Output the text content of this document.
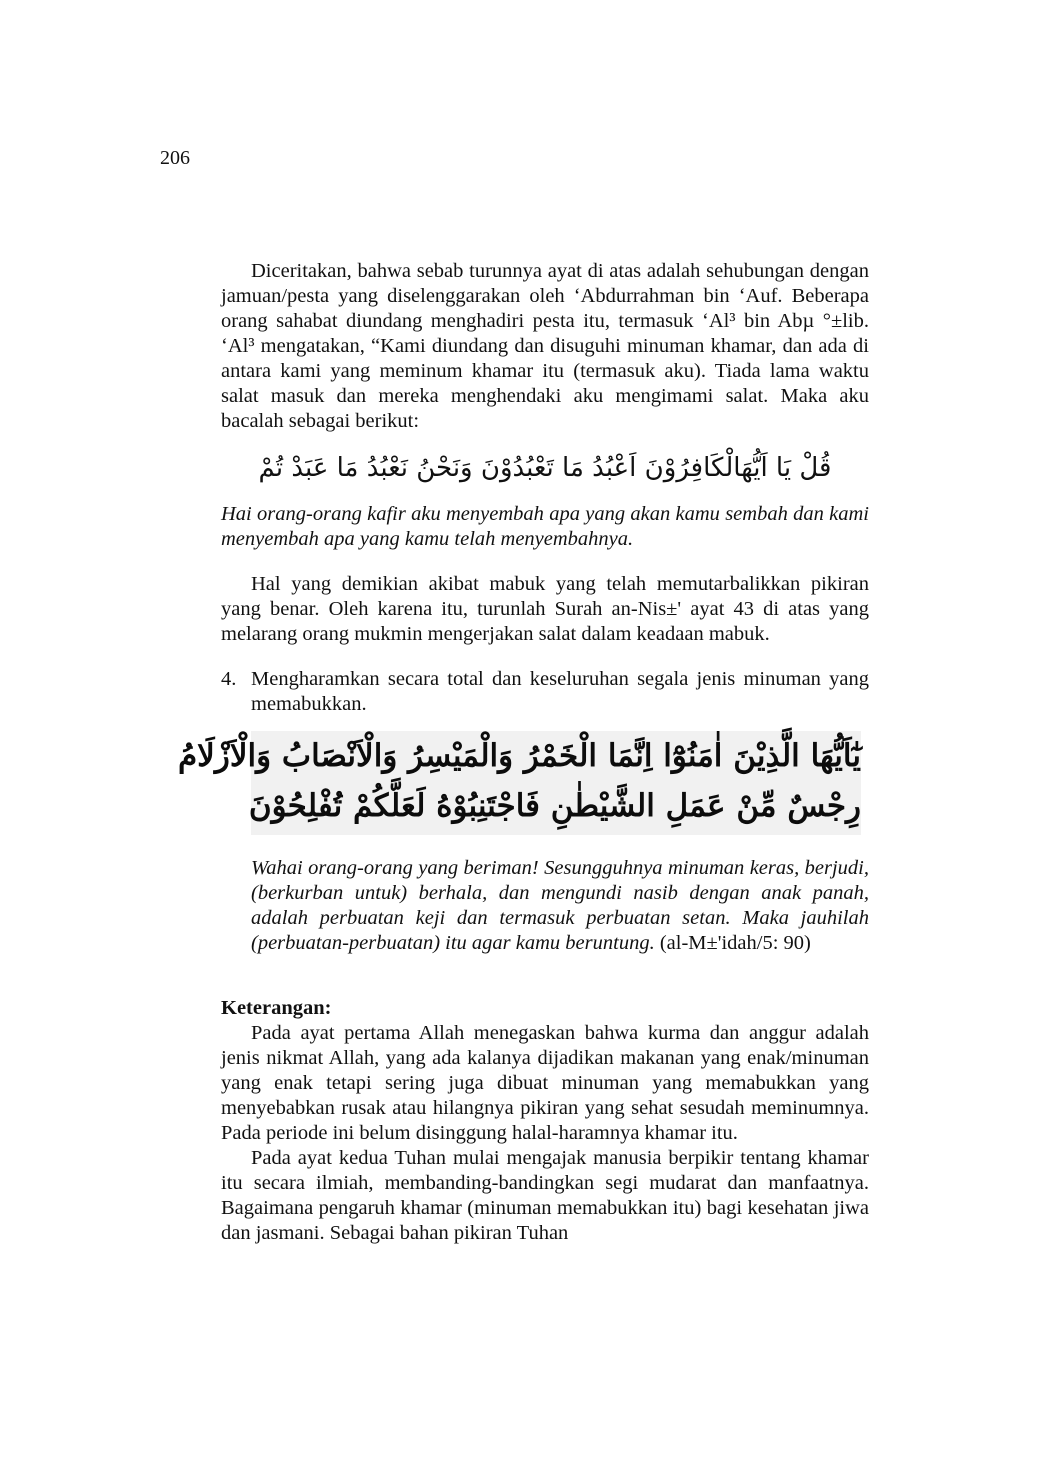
206

Diceritakan, bahwa sebab turunnya ayat di atas adalah sehubungan dengan jamuan/pesta yang diselenggarakan oleh ‘Abdurrahman bin ‘Auf. Beberapa orang sahabat diundang menghadiri pesta itu, termasuk ‘Al³ bin Abµ °±lib. ‘Al³ mengatakan, “Kami diundang dan disuguhi minuman khamar, dan ada di antara kami yang meminum khamar itu (termasuk aku). Tiada lama waktu salat masuk dan mereka menghendaki aku mengimami salat. Maka aku bacalah sebagai berikut:

قُلْ يَا اَيُّهَالْكَافِرُوْنَ اَعْبُدُ مَا تَعْبُدُوْنَ وَنَحْنُ نَعْبُدُ مَا عَبَدْ تُمْ

Hai orang-orang kafir aku menyembah apa yang akan kamu sembah dan kami menyembah apa yang kamu telah menyembahnya.

Hal yang demikian akibat mabuk yang telah memutarbalikkan pikiran yang benar. Oleh karena itu, turunlah Surah an-Nis±' ayat 43 di atas yang melarang orang mukmin mengerjakan salat dalam keadaan mabuk.

4. Mengharamkan secara total dan keseluruhan segala jenis minuman yang memabukkan.
يٰٓاَيُّهَا الَّذِيْنَ اٰمَنُوْٓا اِنَّمَا الْخَمْرُ وَالْمَيْسِرُ وَالْاَنْصَابُ وَالْاَزْلَامُ
رِجْسٌ مِّنْ عَمَلِ الشَّيْطٰنِ فَاجْتَنِبُوْهُ لَعَلَّكُمْ تُفْلِحُوْنَ

Wahai orang-orang yang beriman! Sesungguhnya minuman keras, berjudi, (berkurban untuk) berhala, dan mengundi nasib dengan anak panah, adalah perbuatan keji dan termasuk perbuatan setan. Maka jauhilah (perbuatan-perbuatan) itu agar kamu beruntung. (al-M±'idah/5: 90)

Keterangan:

Pada ayat pertama Allah menegaskan bahwa kurma dan anggur adalah jenis nikmat Allah, yang ada kalanya dijadikan makanan yang enak/minuman yang enak tetapi sering juga dibuat minuman yang memabukkan yang menyebabkan rusak atau hilangnya pikiran yang sehat sesudah meminumnya. Pada periode ini belum disinggung halal-haramnya khamar itu.

Pada ayat kedua Tuhan mulai mengajak manusia berpikir tentang khamar itu secara ilmiah, membanding-bandingkan segi mudarat dan manfaatnya. Bagaimana pengaruh khamar (minuman memabukkan itu) bagi kesehatan jiwa dan jasmani. Sebagai bahan pikiran Tuhan
